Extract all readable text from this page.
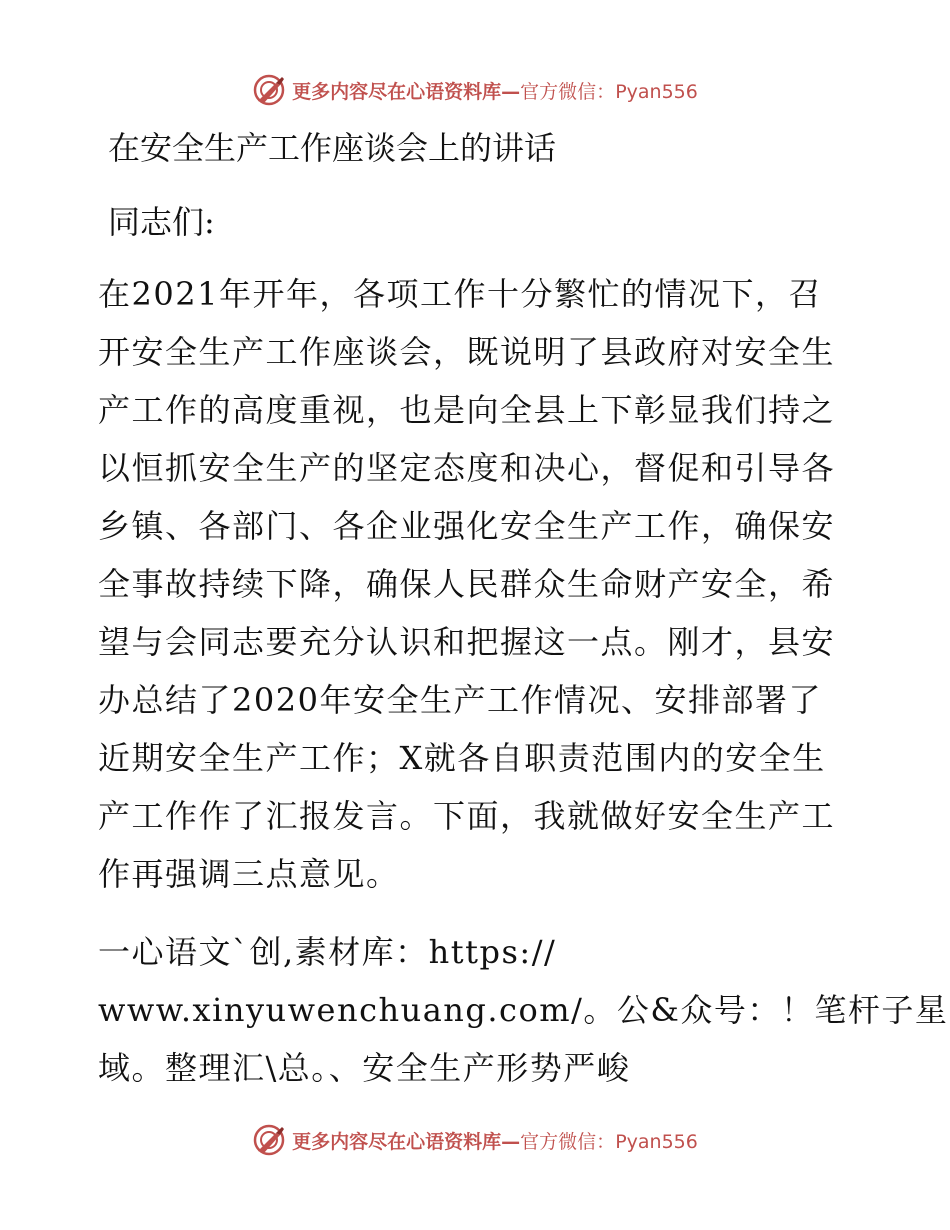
更多内容尽在心语资料库—官方微信：Pyan556
在安全生产工作座谈会上的讲话
同志们:
在2021年开年，各项工作十分繁忙的情况下，召
开安全生产工作座谈会，既说明了县政府对安全生
产工作的高度重视，也是向全县上下彰显我们持之
以恒抓安全生产的坚定态度和决心，督促和引导各
乡镇、各部门、各企业强化安全生产工作，确保安
全事故持续下降，确保人民群众生命财产安全，希
望与会同志要充分认识和把握这一点。刚才，县安
办总结了2020年安全生产工作情况、安排部署了
近期安全生产工作；X就各自职责范围内的安全生
产工作作了汇报发言。下面，我就做好安全生产工
作再强调三点意见。
一心语文`创,素材库：https://
www.xinyuwenchuang.com/。公&众号：！笔杆子星
域。整理汇\总。、安全生产形势严峻
更多内容尽在心语资料库—官方微信：Pyan556
